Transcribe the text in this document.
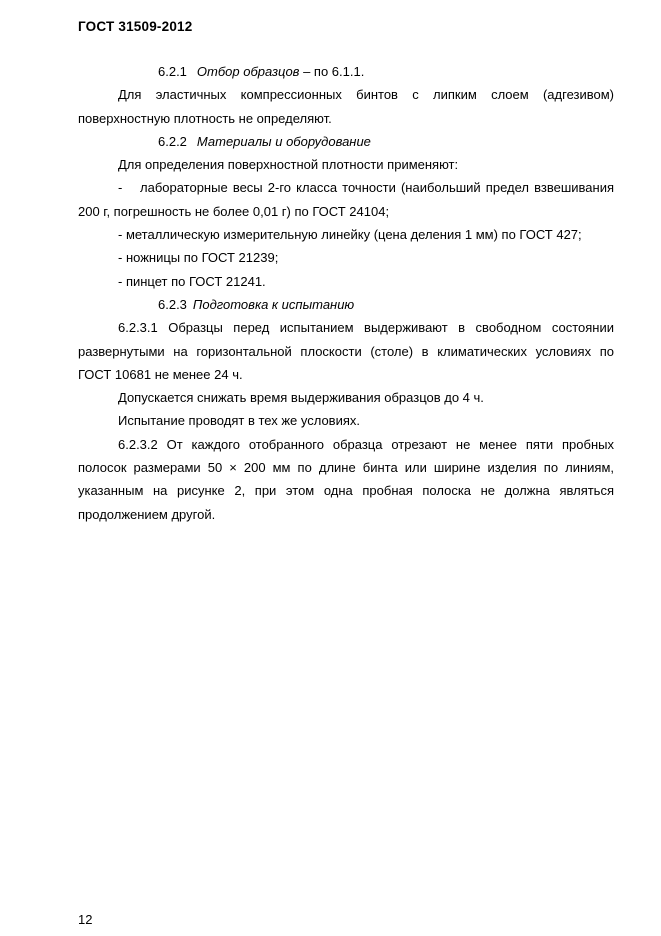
ГОСТ 31509-2012

6.2.1 Отбор образцов – по 6.1.1.

Для эластичных компрессионных бинтов с липким слоем (адгезивом)

поверхностную плотность не определяют.

6.2.2 Материалы и оборудование

Для определения поверхностной плотности применяют:

- лабораторные весы 2-го класса точности (наибольший предел взвешивания

200 г, погрешность не более 0,01 г) по ГОСТ 24104;

- металлическую измерительную линейку (цена деления 1 мм) по ГОСТ 427;

- ножницы по ГОСТ 21239;

- пинцет по ГОСТ 21241.

6.2.3 Подготовка к испытанию

6.2.3.1 Образцы перед испытанием выдерживают в свободном состоянии

развернутыми на горизонтальной плоскости (столе) в климатических условиях по

ГОСТ 10681 не менее 24 ч.

Допускается снижать время выдерживания образцов до 4 ч.

Испытание проводят в тех же условиях.

6.2.3.2 От каждого отобранного образца отрезают не менее пяти пробных

полосок размерами 50 × 200 мм по длине бинта или ширине изделия по линиям,

указанным на рисунке 2, при этом одна пробная полоска не должна являться

продолжением другой.

12
